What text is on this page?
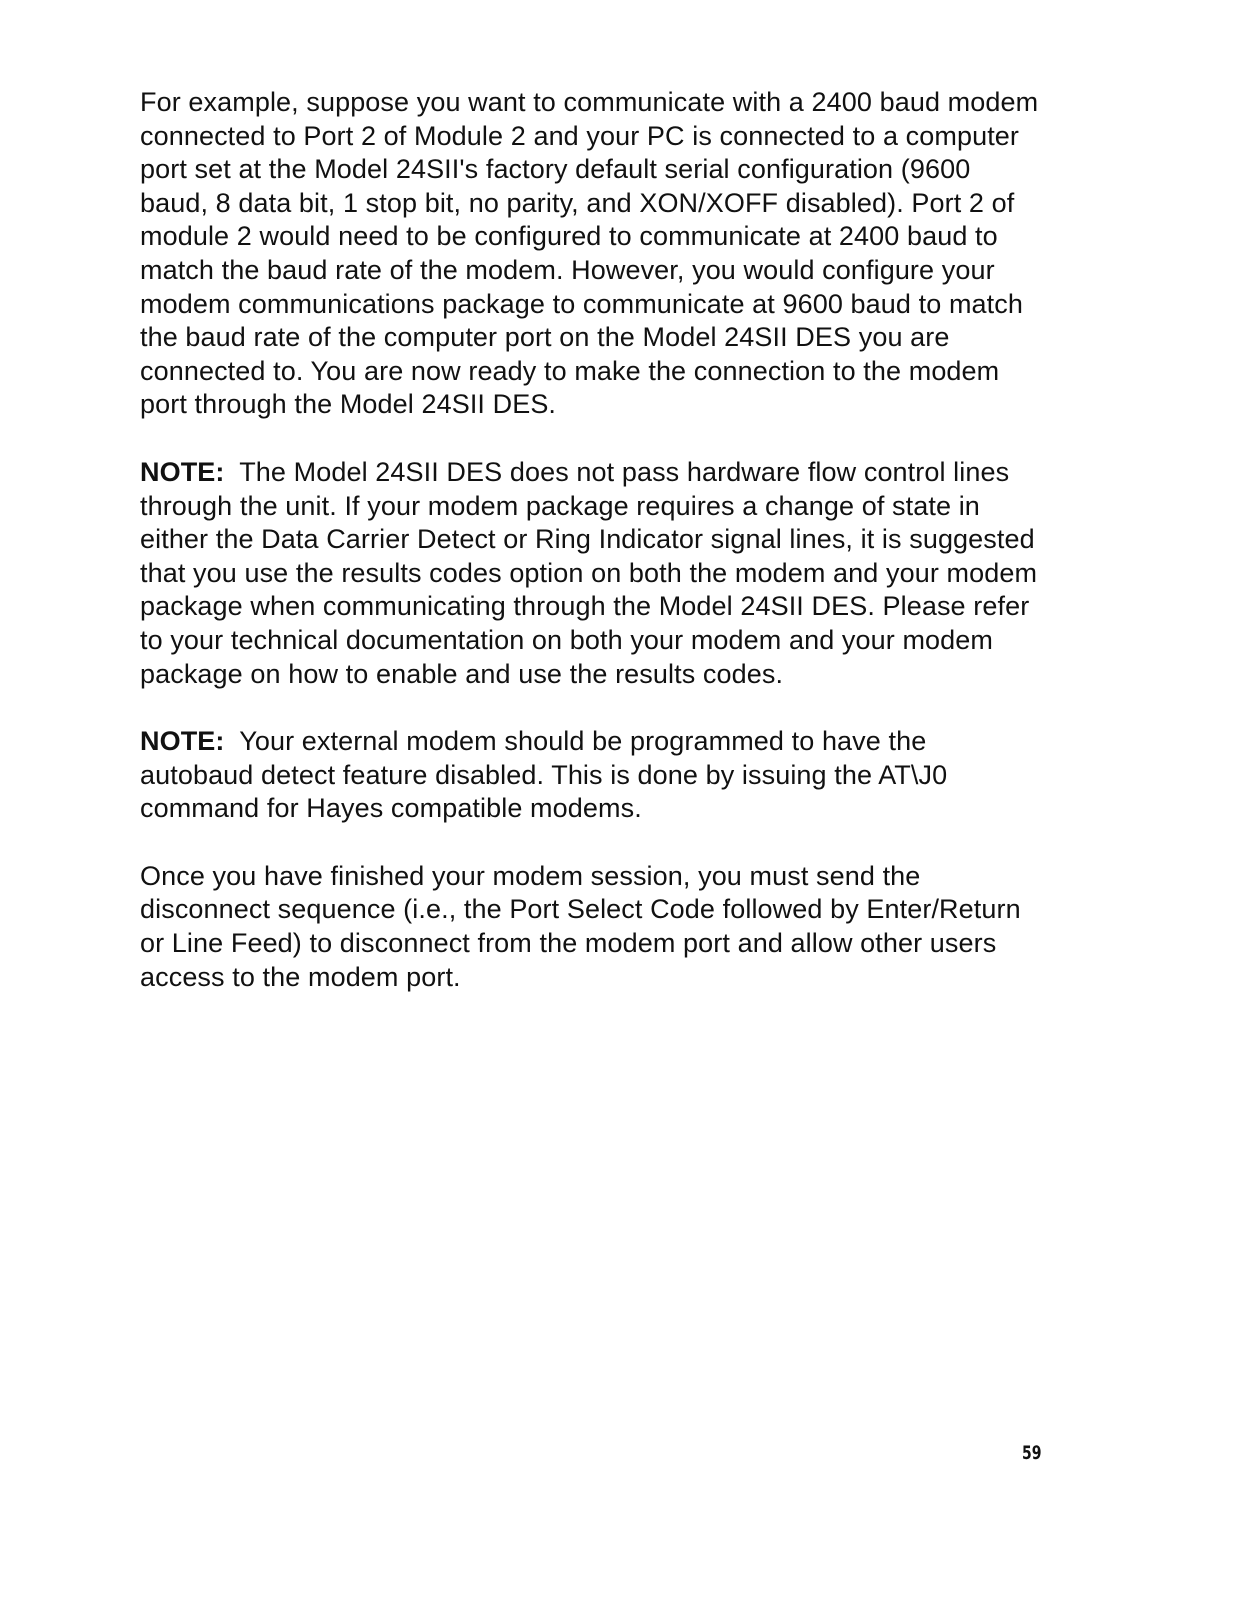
For example, suppose you want to communicate with a 2400 baud modem connected to Port 2 of Module 2 and your PC is connected to a computer port set at the Model 24SII's factory default serial configuration (9600 baud, 8 data bit, 1 stop bit, no parity, and XON/XOFF disabled). Port 2 of module 2 would need to be configured to communicate at 2400 baud to match the baud rate of the modem. However, you would configure your modem communications package to communicate at 9600 baud to match the baud rate of the computer port on the Model 24SII DES you are connected to. You are now ready to make the connection to the modem port through the Model 24SII DES.

NOTE: The Model 24SII DES does not pass hardware flow control lines through the unit. If your modem package requires a change of state in either the Data Carrier Detect or Ring Indicator signal lines, it is suggested that you use the results codes option on both the modem and your modem package when communicating through the Model 24SII DES. Please refer to your technical documentation on both your modem and your modem package on how to enable and use the results codes.

NOTE: Your external modem should be programmed to have the autobaud detect feature disabled. This is done by issuing the AT\J0 command for Hayes compatible modems.

Once you have finished your modem session, you must send the disconnect sequence (i.e., the Port Select Code followed by Enter/Return or Line Feed) to disconnect from the modem port and allow other users access to the modem port.

59
